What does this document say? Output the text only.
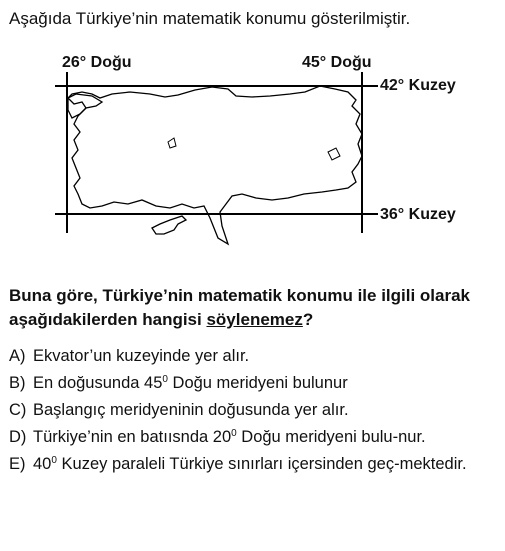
Aşağıda Türkiye’nin matematik konumu gösterilmiştir.

26° Doğu	45° Doğu
42° Kuzey
36° Kuzey

Buna göre, Türkiye’nin matematik konumu ile ilgili olarak aşağıdakilerden hangisi söylenemez?

A) Ekvator’un kuzeyinde yer alır.
B) En doğusunda $45^0$ Doğu meridyeni bulunur
C) Başlangıç meridyeninin doğusunda yer alır.
D) Türkiye’nin en batıısnda $20^0$ Doğu meridyeni bulu-nur.
E) $40^0$ Kuzey paraleli Türkiye sınırları içersinden geç-mektedir.
